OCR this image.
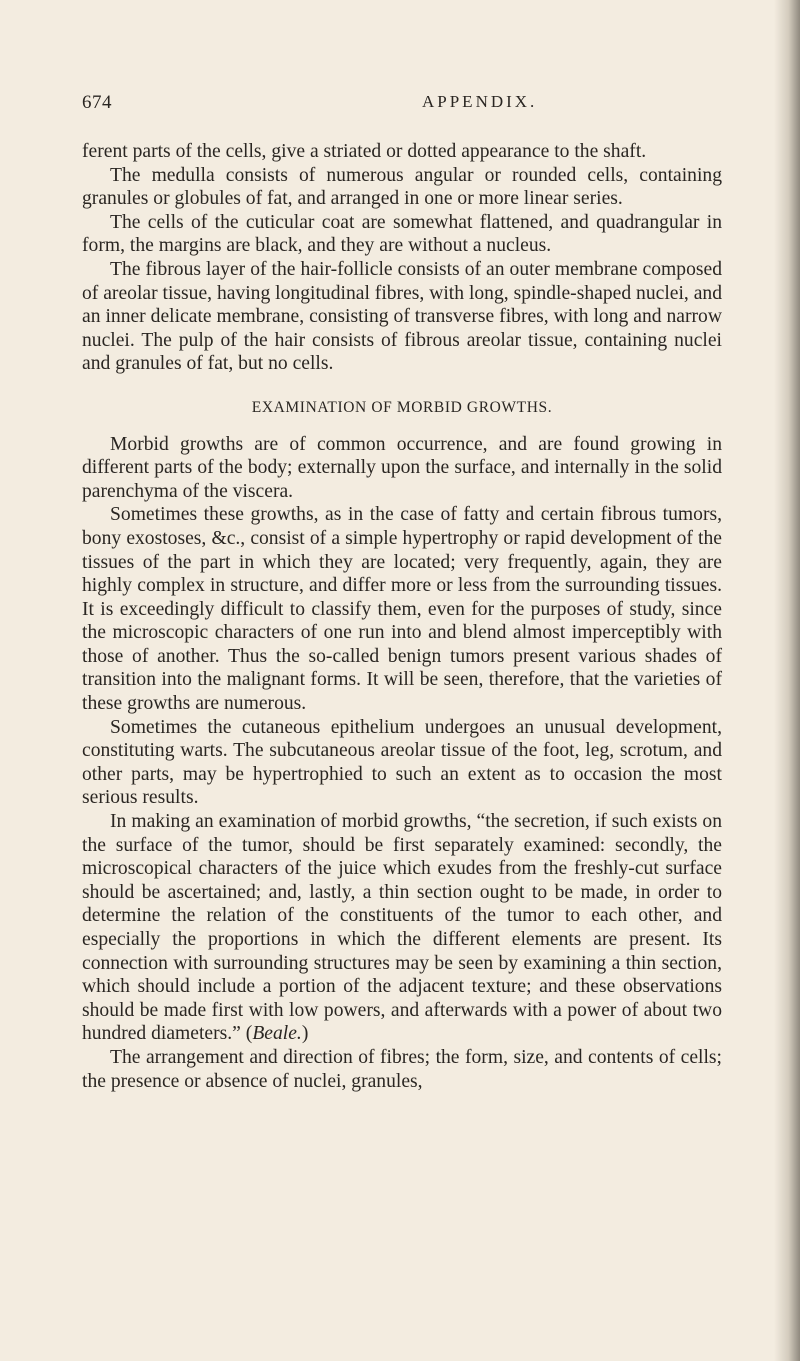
674	APPENDIX.

ferent parts of the cells, give a striated or dotted appearance to the shaft.

The medulla consists of numerous angular or rounded cells, containing granules or globules of fat, and arranged in one or more linear series.

The cells of the cuticular coat are somewhat flattened, and quadrangular in form, the margins are black, and they are without a nucleus.

The fibrous layer of the hair-follicle consists of an outer membrane composed of areolar tissue, having longitudinal fibres, with long, spindle-shaped nuclei, and an inner delicate membrane, consisting of transverse fibres, with long and narrow nuclei. The pulp of the hair consists of fibrous areolar tissue, containing nuclei and granules of fat, but no cells.

EXAMINATION OF MORBID GROWTHS.

Morbid growths are of common occurrence, and are found growing in different parts of the body; externally upon the surface, and internally in the solid parenchyma of the viscera.

Sometimes these growths, as in the case of fatty and certain fibrous tumors, bony exostoses, &c., consist of a simple hypertrophy or rapid development of the tissues of the part in which they are located; very frequently, again, they are highly complex in structure, and differ more or less from the surrounding tissues. It is exceedingly difficult to classify them, even for the purposes of study, since the microscopic characters of one run into and blend almost imperceptibly with those of another. Thus the so-called benign tumors present various shades of transition into the malignant forms. It will be seen, therefore, that the varieties of these growths are numerous.

Sometimes the cutaneous epithelium undergoes an unusual development, constituting warts. The subcutaneous areolar tissue of the foot, leg, scrotum, and other parts, may be hypertrophied to such an extent as to occasion the most serious results.

In making an examination of morbid growths, “the secretion, if such exists on the surface of the tumor, should be first separately examined: secondly, the microscopical characters of the juice which exudes from the freshly-cut surface should be ascertained; and, lastly, a thin section ought to be made, in order to determine the relation of the constituents of the tumor to each other, and especially the proportions in which the different elements are present. Its connection with surrounding structures may be seen by examining a thin section, which should include a portion of the adjacent texture; and these observations should be made first with low powers, and afterwards with a power of about two hundred diameters.” (Beale.)

The arrangement and direction of fibres; the form, size, and contents of cells; the presence or absence of nuclei, granules,
